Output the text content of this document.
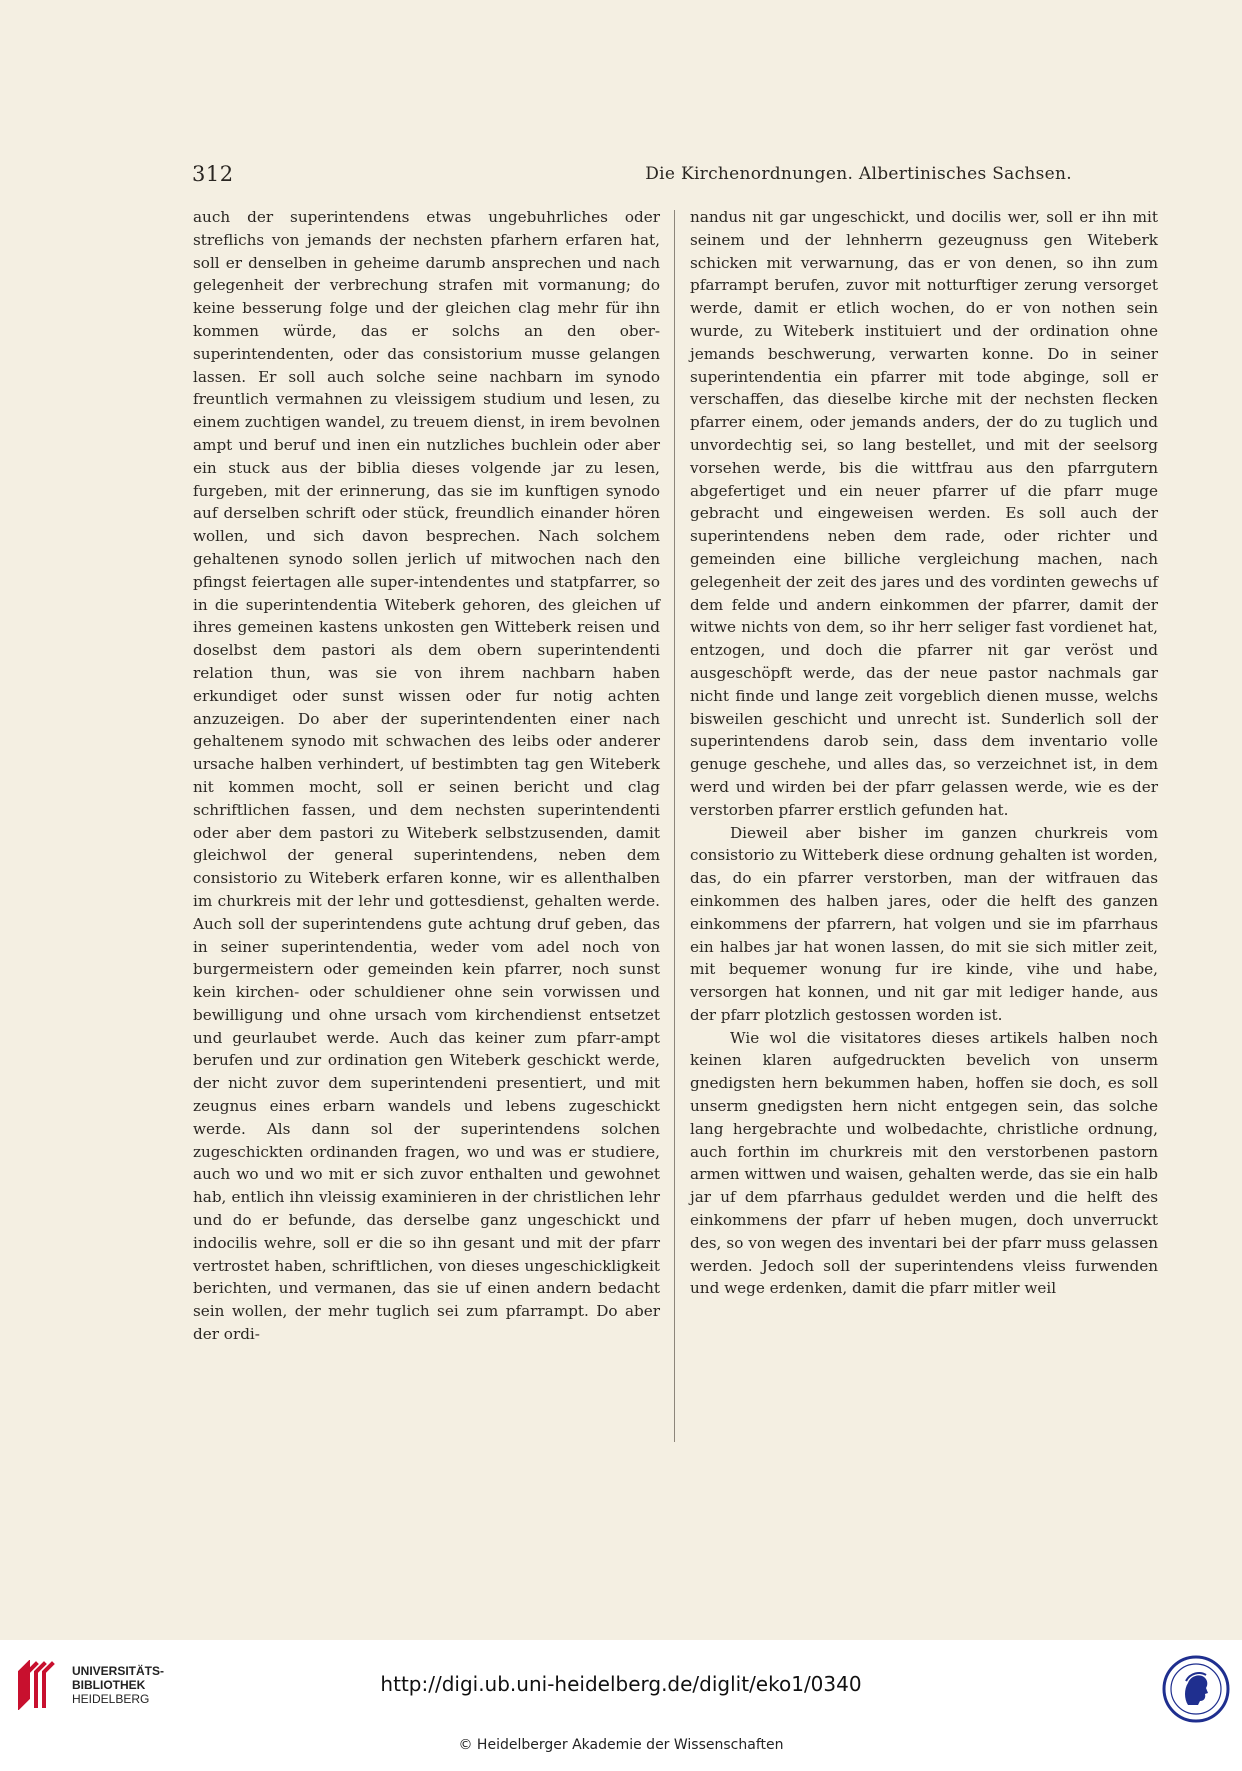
312	Die Kirchenordnungen. Albertinisches Sachsen.

auch der superintendens etwas ungebuhrliches oder streflichs von jemands der nechsten pfarhern erfaren hat, soll er denselben in geheime darumb ansprechen und nach gelegenheit der verbrechung strafen mit vormanung; do keine besserung folge und der gleichen clag mehr für ihn kommen würde, das er solchs an den ober-superintendenten, oder das consistorium musse gelangen lassen. Er soll auch solche seine nachbarn im synodo freuntlich vermahnen zu vleissigem studium und lesen, zu einem zuchtigen wandel, zu treuem dienst, in irem bevolnen ampt und beruf und inen ein nutzliches buchlein oder aber ein stuck aus der biblia dieses volgende jar zu lesen, furgeben, mit der erinnerung, das sie im kunftigen synodo auf derselben schrift oder stück, freundlich einander hören wollen, und sich davon besprechen. Nach solchem gehaltenen synodo sollen jerlich uf mitwochen nach den pfingst feiertagen alle super-intendentes und statpfarrer, so in die superintendentia Witeberk gehoren, des gleichen uf ihres gemeinen kastens unkosten gen Witteberk reisen und doselbst dem pastori als dem obern superintendenti relation thun, was sie von ihrem nachbarn haben erkundiget oder sunst wissen oder fur notig achten anzuzeigen. Do aber der superintendenten einer nach gehaltenem synodo mit schwachen des leibs oder anderer ursache halben verhindert, uf bestimbten tag gen Witeberk nit kommen mocht, soll er seinen bericht und clag schriftlichen fassen, und dem nechsten superintendenti oder aber dem pastori zu Witeberk selbstzusenden, damit gleichwol der general superintendens, neben dem consistorio zu Witeberk erfaren konne, wir es allenthalben im churkreis mit der lehr und gottesdienst, gehalten werde. Auch soll der superintendens gute achtung druf geben, das in seiner superintendentia, weder vom adel noch von burgermeistern oder gemeinden kein pfarrer, noch sunst kein kirchen- oder schuldiener ohne sein vorwissen und bewilligung und ohne ursach vom kirchendienst entsetzet und geurlaubet werde. Auch das keiner zum pfarr-ampt berufen und zur ordination gen Witeberk geschickt werde, der nicht zuvor dem superintendeni presentiert, und mit zeugnus eines erbarn wandels und lebens zugeschickt werde. Als dann sol der superintendens solchen zugeschickten ordinanden fragen, wo und was er studiere, auch wo und wo mit er sich zuvor enthalten und gewohnet hab, entlich ihn vleissig examinieren in der christlichen lehr und do er befunde, das derselbe ganz ungeschickt und indocilis wehre, soll er die so ihn gesant und mit der pfarr vertrostet haben, schriftlichen, von dieses ungeschickligkeit berichten, und vermanen, das sie uf einen andern bedacht sein wollen, der mehr tuglich sei zum pfarrampt. Do aber der ordi-

nandus nit gar ungeschickt, und docilis wer, soll er ihn mit seinem und der lehnherrn gezeugnuss gen Witeberk schicken mit verwarnung, das er von denen, so ihn zum pfarrampt berufen, zuvor mit notturftiger zerung versorget werde, damit er etlich wochen, do er von nothen sein wurde, zu Witeberk instituiert und der ordination ohne jemands beschwerung, verwarten konne. Do in seiner superintendentia ein pfarrer mit tode abginge, soll er verschaffen, das dieselbe kirche mit der nechsten flecken pfarrer einem, oder jemands anders, der do zu tuglich und unvordechtig sei, so lang bestellet, und mit der seelsorg vorsehen werde, bis die wittfrau aus den pfarrgutern abgefertiget und ein neuer pfarrer uf die pfarr muge gebracht und eingeweisen werden. Es soll auch der superintendens neben dem rade, oder richter und gemeinden eine billiche vergleichung machen, nach gelegenheit der zeit des jares und des vordinten gewechs uf dem felde und andern einkommen der pfarrer, damit der witwe nichts von dem, so ihr herr seliger fast vordienet hat, entzogen, und doch die pfarrer nit gar veröst und ausgeschöpft werde, das der neue pastor nachmals gar nicht finde und lange zeit vorgeblich dienen musse, welchs bisweilen geschicht und unrecht ist. Sunderlich soll der superintendens darob sein, dass dem inventario volle genuge geschehe, und alles das, so verzeichnet ist, in dem werd und wirden bei der pfarr gelassen werde, wie es der verstorben pfarrer erstlich gefunden hat.

Dieweil aber bisher im ganzen churkreis vom consistorio zu Witteberk diese ordnung gehalten ist worden, das, do ein pfarrer verstorben, man der witfrauen das einkommen des halben jares, oder die helft des ganzen einkommens der pfarrern, hat volgen und sie im pfarrhaus ein halbes jar hat wonen lassen, do mit sie sich mitler zeit, mit bequemer wonung fur ire kinde, vihe und habe, versorgen hat konnen, und nit gar mit lediger hande, aus der pfarr plotzlich gestossen worden ist.

Wie wol die visitatores dieses artikels halben noch keinen klaren aufgedruckten bevelich von unserm gnedigsten hern bekummen haben, hoffen sie doch, es soll unserm gnedigsten hern nicht entgegen sein, das solche lang hergebrachte und wolbedachte, christliche ordnung, auch forthin im churkreis mit den verstorbenen pastorn armen wittwen und waisen, gehalten werde, das sie ein halb jar uf dem pfarrhaus geduldet werden und die helft des einkommens der pfarr uf heben mugen, doch unverruckt des, so von wegen des inventari bei der pfarr muss gelassen werden. Jedoch soll der superintendens vleiss furwenden und wege erdenken, damit die pfarr mitler weil

UNIVERSITÄTS-
BIBLIOTHEK
HEIDELBERG
http://digi.ub.uni-heidelberg.de/diglit/eko1/0340
© Heidelberger Akademie der Wissenschaften
